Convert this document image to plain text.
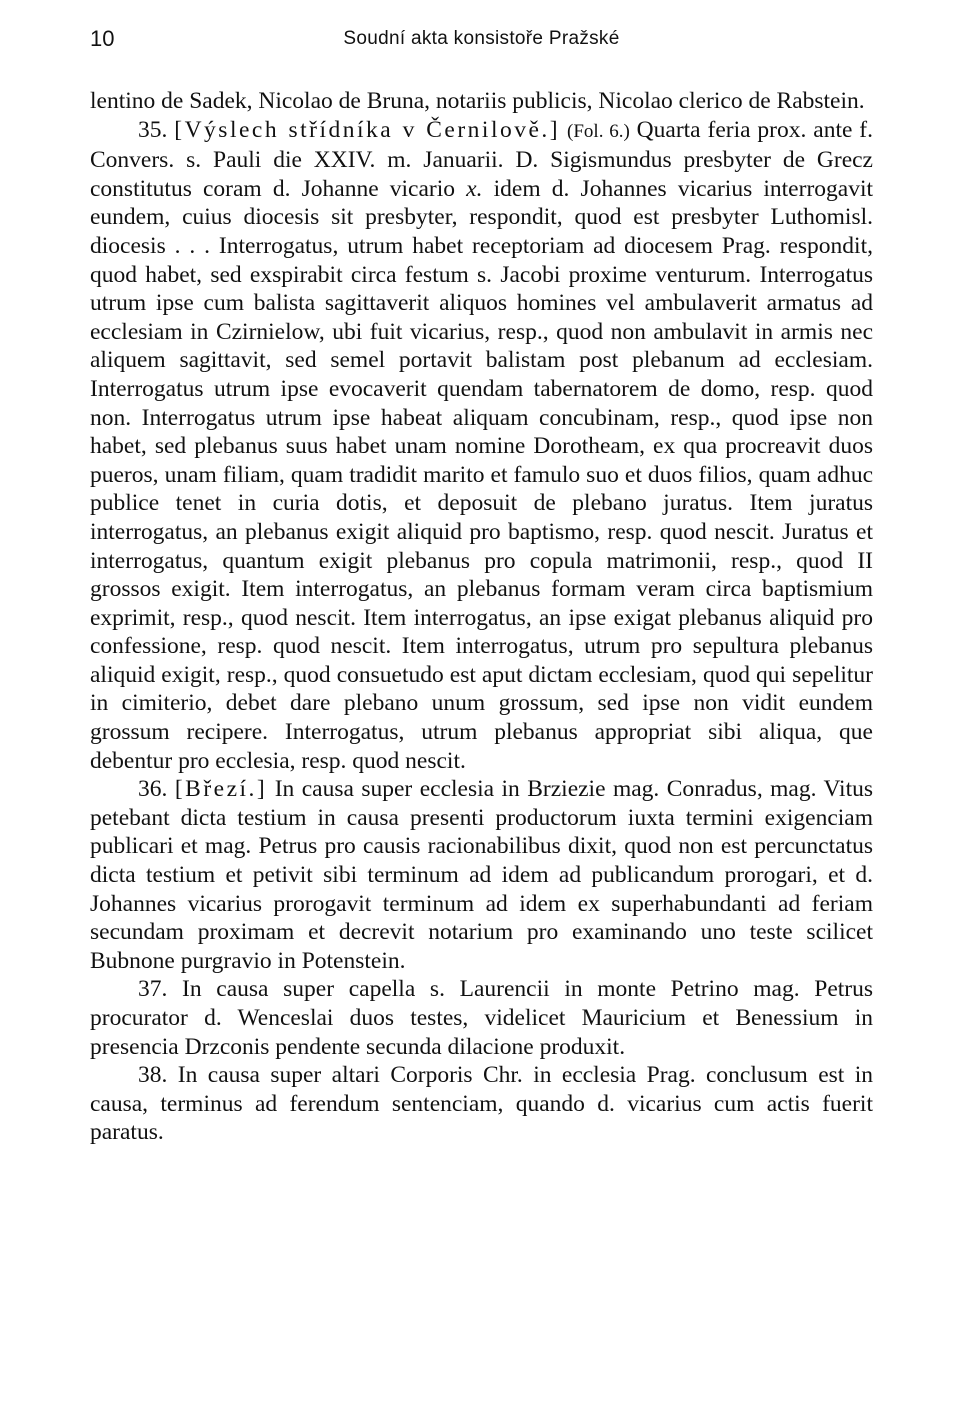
10	Soudní akta konsistoře Pražské

lentino de Sadek, Nicolao de Bruna, notariis publicis, Nicolao clerico de Rabstein.

35. [Výslech střídníka v Černilově.] (Fol. 6.) Quarta feria prox. ante f. Convers. s. Pauli die XXIV. m. Januarii. D. Sigismundus presbyter de Grecz constitutus coram d. Johanne vicario x. idem d. Johannes vicarius interrogavit eundem, cuius diocesis sit presbyter, respondit, quod est presbyter Luthomisl. diocesis . . . Interrogatus, utrum habet receptoriam ad diocesem Prag. respondit, quod habet, sed exspirabit circa festum s. Jacobi proxime venturum. Interrogatus utrum ipse cum balista sagittaverit aliquos homines vel ambulaverit armatus ad ecclesiam in Czirnielow, ubi fuit vicarius, resp., quod non ambulavit in armis nec aliquem sagittavit, sed semel portavit balistam post plebanum ad ecclesiam. Interrogatus utrum ipse evocaverit quendam tabernatorem de domo, resp. quod non. Interrogatus utrum ipse habeat aliquam concubinam, resp., quod ipse non habet, sed plebanus suus habet unam nomine Dorotheam, ex qua procreavit duos pueros, unam filiam, quam tradidit marito et famulo suo et duos filios, quam adhuc publice tenet in curia dotis, et deposuit de plebano juratus. Item juratus interrogatus, an plebanus exigit aliquid pro baptismo, resp. quod nescit. Juratus et interrogatus, quantum exigit plebanus pro copula matrimonii, resp., quod II grossos exigit. Item interrogatus, an plebanus formam veram circa baptismium exprimit, resp., quod nescit. Item interrogatus, an ipse exigat plebanus aliquid pro confessione, resp. quod nescit. Item interrogatus, utrum pro sepultura plebanus aliquid exigit, resp., quod consuetudo est aput dictam ecclesiam, quod qui sepelitur in cimiterio, debet dare plebano unum grossum, sed ipse non vidit eundem grossum recipere. Interrogatus, utrum plebanus appropriat sibi aliqua, que debentur pro ecclesia, resp. quod nescit.

36. [Březí.] In causa super ecclesia in Brziezie mag. Conradus, mag. Vitus petebant dicta testium in causa presenti productorum iuxta termini exigenciam publicari et mag. Petrus pro causis racionabilibus dixit, quod non est percunctatus dicta testium et petivit sibi terminum ad idem ad publicandum prorogari, et d. Johannes vicarius prorogavit terminum ad idem ex superhabundanti ad feriam secundam proximam et decrevit notarium pro examinando uno teste scilicet Bubnone purgravio in Potenstein.

37. In causa super capella s. Laurencii in monte Petrino mag. Petrus procurator d. Wenceslai duos testes, videlicet Mauricium et Benessium in presencia Drzconis pendente secunda dilacione produxit.

38. In causa super altari Corporis Chr. in ecclesia Prag. conclusum est in causa, terminus ad ferendum sentenciam, quando d. vicarius cum actis fuerit paratus.
